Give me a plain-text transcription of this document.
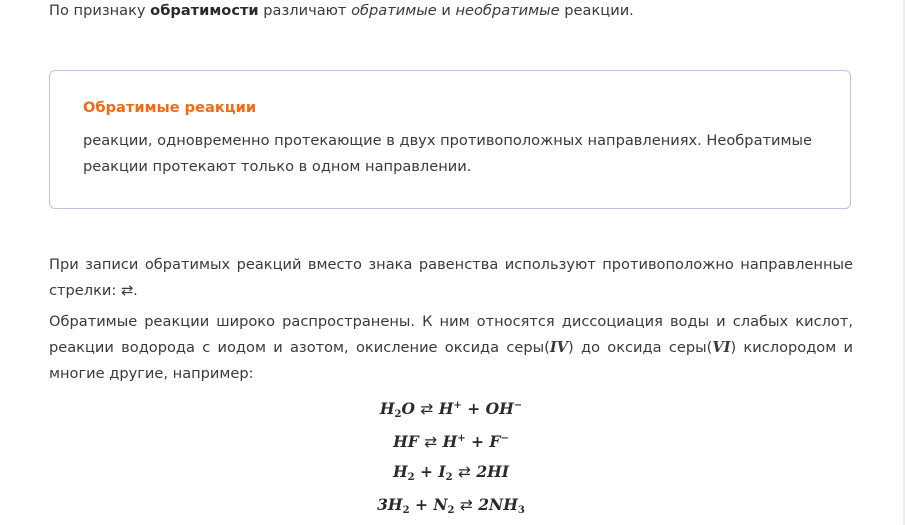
По признаку обратимости различают обратимые и необратимые реакции.

Обратимые реакции
реакции, одновременно протекающие в двух противоположных направлениях. Необратимые реакции протекают только в одном направлении.

При записи обратимых реакций вместо знака равенства используют противоположно направленные стрелки: ⇄.

Обратимые реакции широко распространены. К ним относятся диссоциация воды и слабых кислот, реакции водорода с иодом и азотом, окисление оксида серы(IV) до оксида серы(VI) кислородом и многие другие, например:

$H_2O$ ⇄ H+ + OH−
HF ⇄ H+ + F−
$H_2 + I_2$ ⇄ 2HI
$3H_2 + N_2$ ⇄ $2NH_3$
